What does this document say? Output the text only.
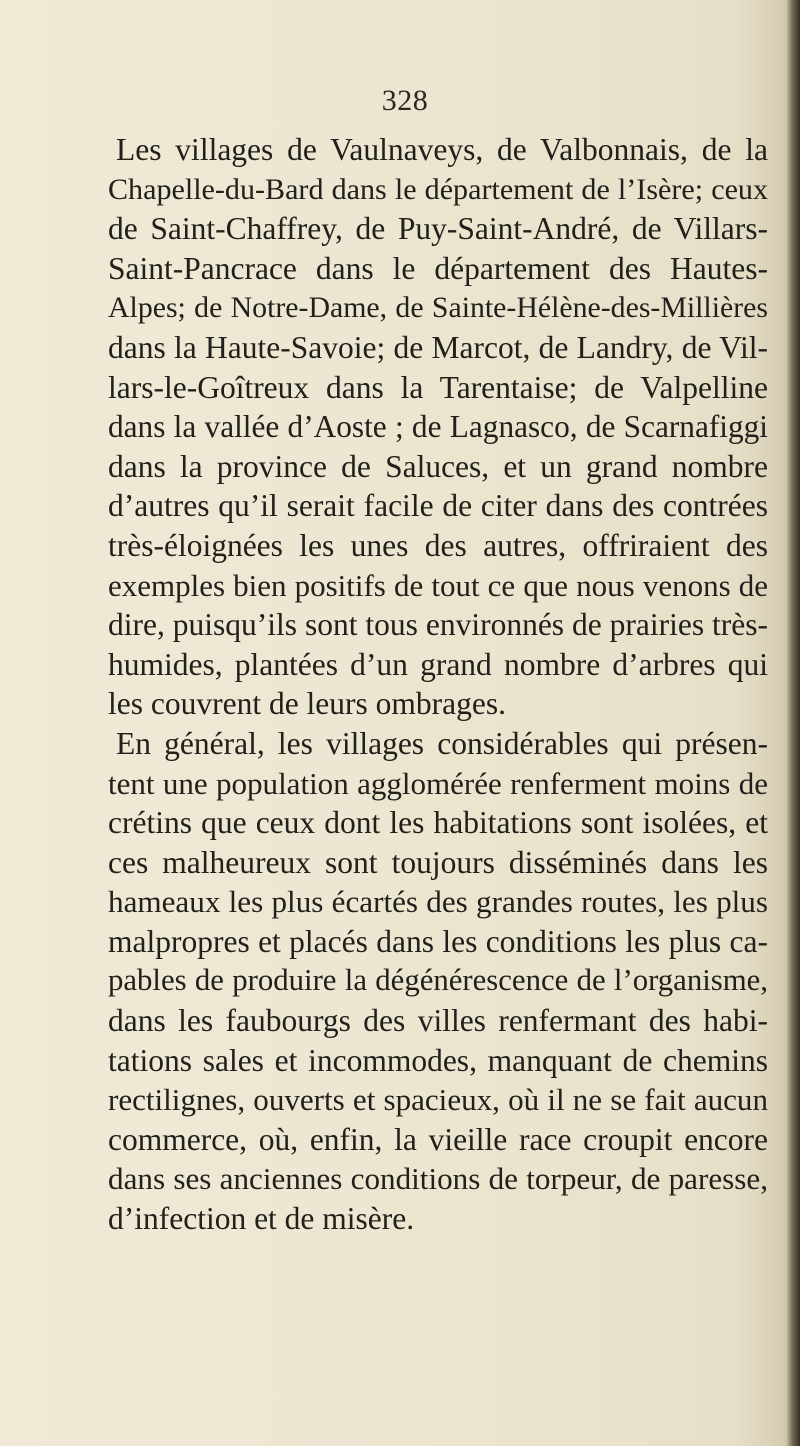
328
Les villages de Vaulnaveys, de Valbonnais, de la
Chapelle-du-Bard dans le département de l’Isère; ceux
de Saint-Chaffrey, de Puy-Saint-André, de Villars-
Saint-Pancrace dans le département des Hautes-
Alpes; de Notre-Dame, de Sainte-Hélène-des-Millières
dans la Haute-Savoie; de Marcot, de Landry, de Vil-
lars-le-Goîtreux dans la Tarentaise; de Valpelline
dans la vallée d’Aoste ; de Lagnasco, de Scarnafiggi
dans la province de Saluces, et un grand nombre
d’autres qu’il serait facile de citer dans des contrées
très-éloignées les unes des autres, offriraient des
exemples bien positifs de tout ce que nous venons de
dire, puisqu’ils sont tous environnés de prairies très-
humides, plantées d’un grand nombre d’arbres qui
les couvrent de leurs ombrages.
En général, les villages considérables qui présen-
tent une population agglomérée renferment moins de
crétins que ceux dont les habitations sont isolées, et
ces malheureux sont toujours disséminés dans les
hameaux les plus écartés des grandes routes, les plus
malpropres et placés dans les conditions les plus ca-
pables de produire la dégénérescence de l’organisme,
dans les faubourgs des villes renfermant des habi-
tations sales et incommodes, manquant de chemins
rectilignes, ouverts et spacieux, où il ne se fait aucun
commerce, où, enfin, la vieille race croupit encore
dans ses anciennes conditions de torpeur, de paresse,
d’infection et de misère.
